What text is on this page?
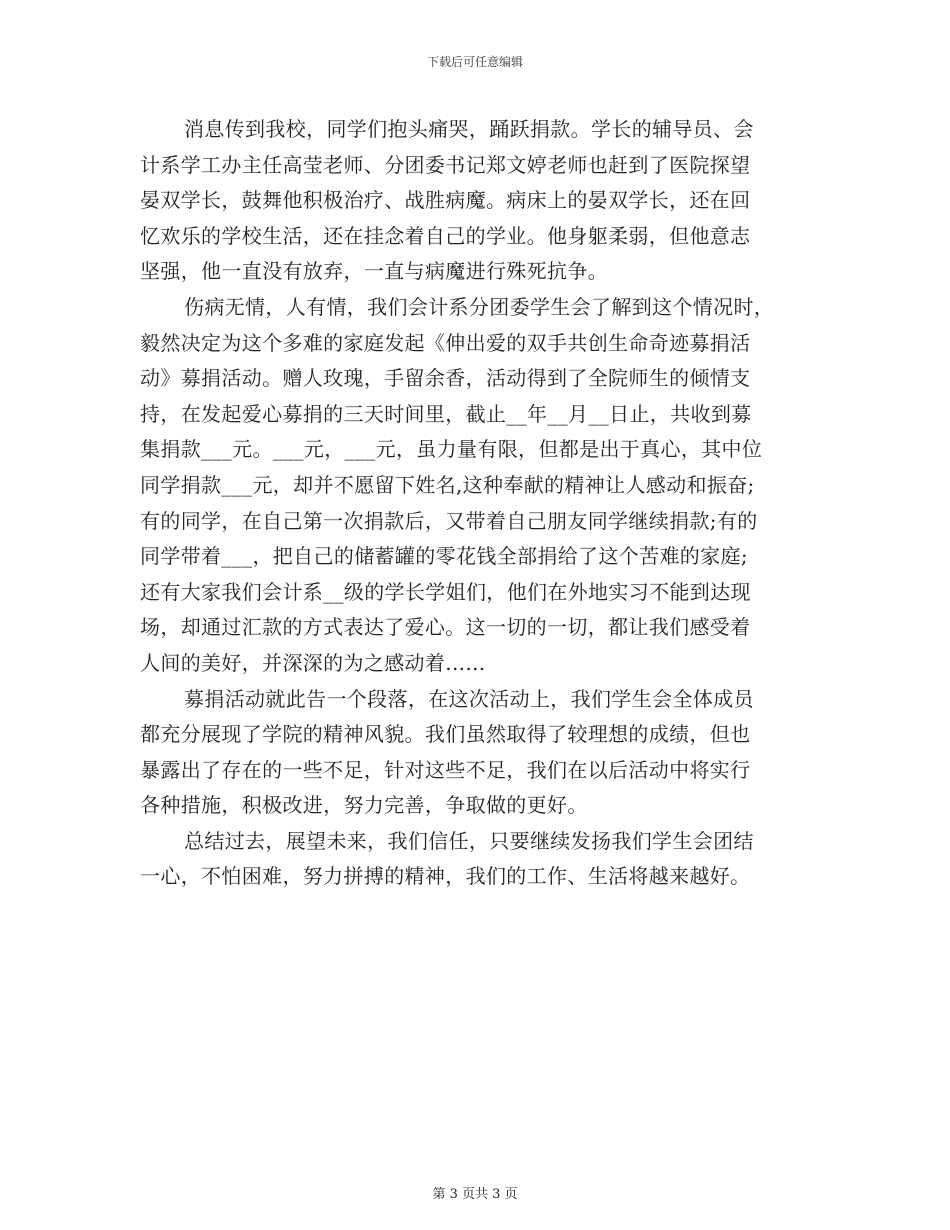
下载后可任意编辑
消息传到我校，同学们抱头痛哭，踊跃捐款。学长的辅导员、会
计系学工办主任高莹老师、分团委书记郑文婷老师也赶到了医院探望
晏双学长，鼓舞他积极治疗、战胜病魔。病床上的晏双学长，还在回
忆欢乐的学校生活，还在挂念着自己的学业。他身躯柔弱，但他意志
坚强，他一直没有放弃，一直与病魔进行殊死抗争。
伤病无情，人有情，我们会计系分团委学生会了解到这个情况时，
毅然决定为这个多难的家庭发起《伸出爱的双手共创生命奇迹募捐活
动》募捐活动。赠人玫瑰，手留余香，活动得到了全院师生的倾情支
持，在发起爱心募捐的三天时间里，截止__年__月__日止，共收到募
集捐款___元。___元，___元，虽力量有限，但都是出于真心，其中位
同学捐款___元，却并不愿留下姓名,这种奉献的精神让人感动和振奋;
有的同学，在自己第一次捐款后，又带着自己朋友同学继续捐款;有的
同学带着___，把自己的储蓄罐的零花钱全部捐给了这个苦难的家庭;
还有大家我们会计系__级的学长学姐们，他们在外地实习不能到达现
场，却通过汇款的方式表达了爱心。这一切的一切，都让我们感受着
人间的美好，并深深的为之感动着......
募捐活动就此告一个段落，在这次活动上，我们学生会全体成员
都充分展现了学院的精神风貌。我们虽然取得了较理想的成绩，但也
暴露出了存在的一些不足，针对这些不足，我们在以后活动中将实行
各种措施，积极改进，努力完善，争取做的更好。
总结过去，展望未来，我们信任，只要继续发扬我们学生会团结
一心，不怕困难，努力拼搏的精神，我们的工作、生活将越来越好。
第 3 页共 3 页
